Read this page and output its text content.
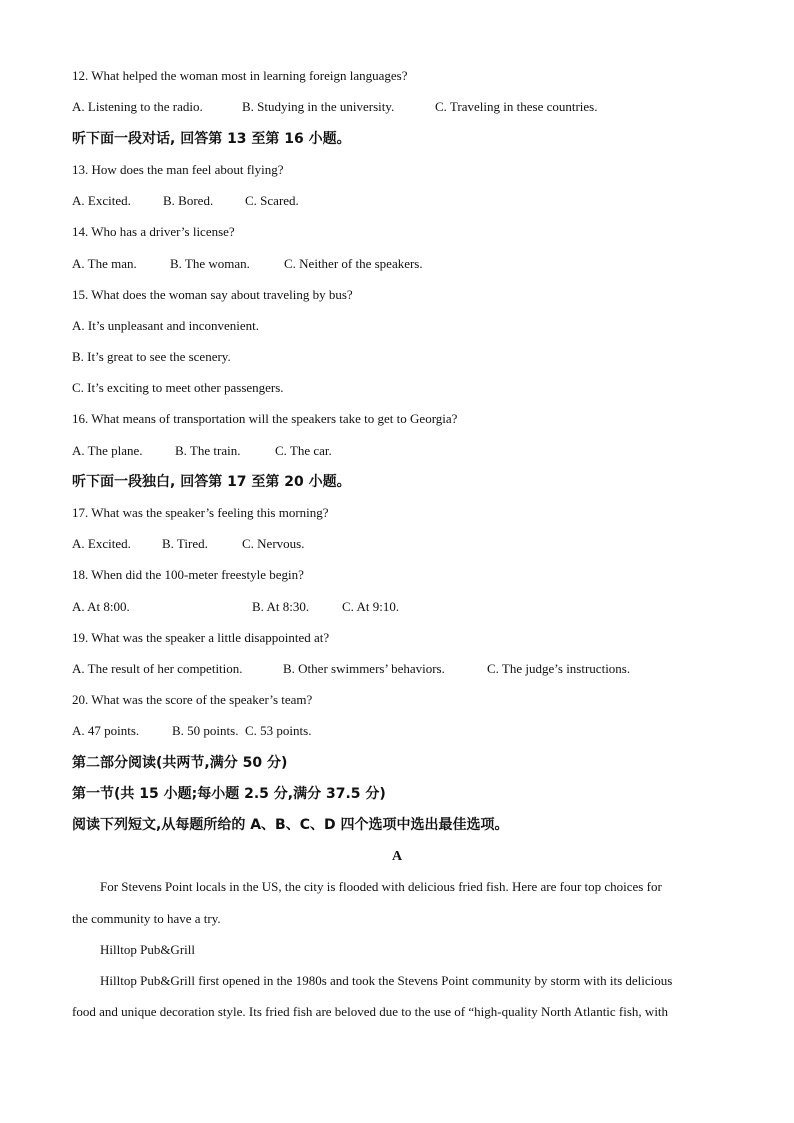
12. What helped the woman most in learning foreign languages?
A. Listening to the radio.	B. Studying in the university.	C. Traveling in these countries.
听下面一段对话, 回答第 13 至第 16 小题。
13. How does the man feel about flying?
A. Excited. B. Bored. C. Scared.
14. Who has a driver’s license?
A. The man.	B. The woman.	C. Neither of the speakers.
15. What does the woman say about traveling by bus?
A. It’s unpleasant and inconvenient.
B. It’s great to see the scenery.
C. It’s exciting to meet other passengers.
16. What means of transportation will the speakers take to get to Georgia?
A. The plane. B. The train.	C. The car.
听下面一段独白, 回答第 17 至第 20 小题。
17. What was the speaker’s feeling this morning?
A. Excited. B. Tired.	C. Nervous.
18. When did the 100-meter freestyle begin?
A. At 8:00.	B. At 8:30.	C. At 9:10.
19. What was the speaker a little disappointed at?
A. The result of her competition.	B. Other swimmers’ behaviors.	C. The judge’s instructions.
20. What was the score of the speaker’s team?
A. 47 points.	B. 50 points. C. 53 points.
第二部分阅读(共两节,满分 50 分)
第一节(共 15 小题;每小题 2.5 分,满分 37.5 分)
阅读下列短文,从每题所给的 A、B、C、D 四个选项中选出最佳选项。
A
For Stevens Point locals in the US, the city is flooded with delicious fried fish. Here are four top choices for
the community to have a try.
Hilltop Pub&Grill
Hilltop Pub&Grill first opened in the 1980s and took the Stevens Point community by storm with its delicious
food and unique decoration style. Its fried fish are beloved due to the use of “high-quality North Atlantic fish, with
